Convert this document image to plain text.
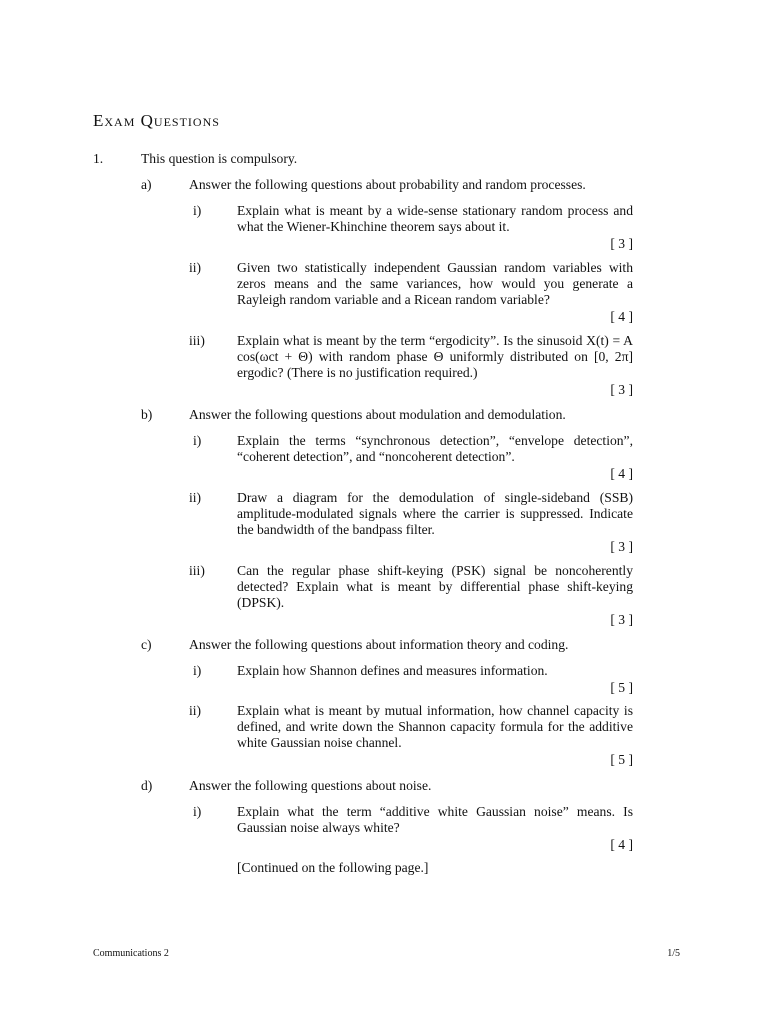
Exam Questions
1.	This question is compulsory.
a)	Answer the following questions about probability and random processes.
i)	Explain what is meant by a wide-sense stationary random process and what the Wiener-Khinchine theorem says about it.
[ 3 ]
ii)	Given two statistically independent Gaussian random variables with zeros means and the same variances, how would you generate a Rayleigh random variable and a Ricean random variable?
[ 4 ]
iii)	Explain what is meant by the term “ergodicity”. Is the sinusoid X(t) = A cos(ωct + Θ) with random phase Θ uniformly distributed on [0, 2π] ergodic? (There is no justification required.)
[ 3 ]
b)	Answer the following questions about modulation and demodulation.
i)	Explain the terms “synchronous detection”, “envelope detection”, “coherent detection”, and “noncoherent detection”.
[ 4 ]
ii)	Draw a diagram for the demodulation of single-sideband (SSB) amplitude-modulated signals where the carrier is suppressed. Indicate the bandwidth of the bandpass filter.
[ 3 ]
iii)	Can the regular phase shift-keying (PSK) signal be noncoherently detected? Explain what is meant by differential phase shift-keying (DPSK).
[ 3 ]
c)	Answer the following questions about information theory and coding.
i)	Explain how Shannon defines and measures information.
[ 5 ]
ii)	Explain what is meant by mutual information, how channel capacity is defined, and write down the Shannon capacity formula for the additive white Gaussian noise channel.
[ 5 ]
d)	Answer the following questions about noise.
i)	Explain what the term “additive white Gaussian noise” means. Is Gaussian noise always white?
[ 4 ]
[Continued on the following page.]
Communications 2	1/5
